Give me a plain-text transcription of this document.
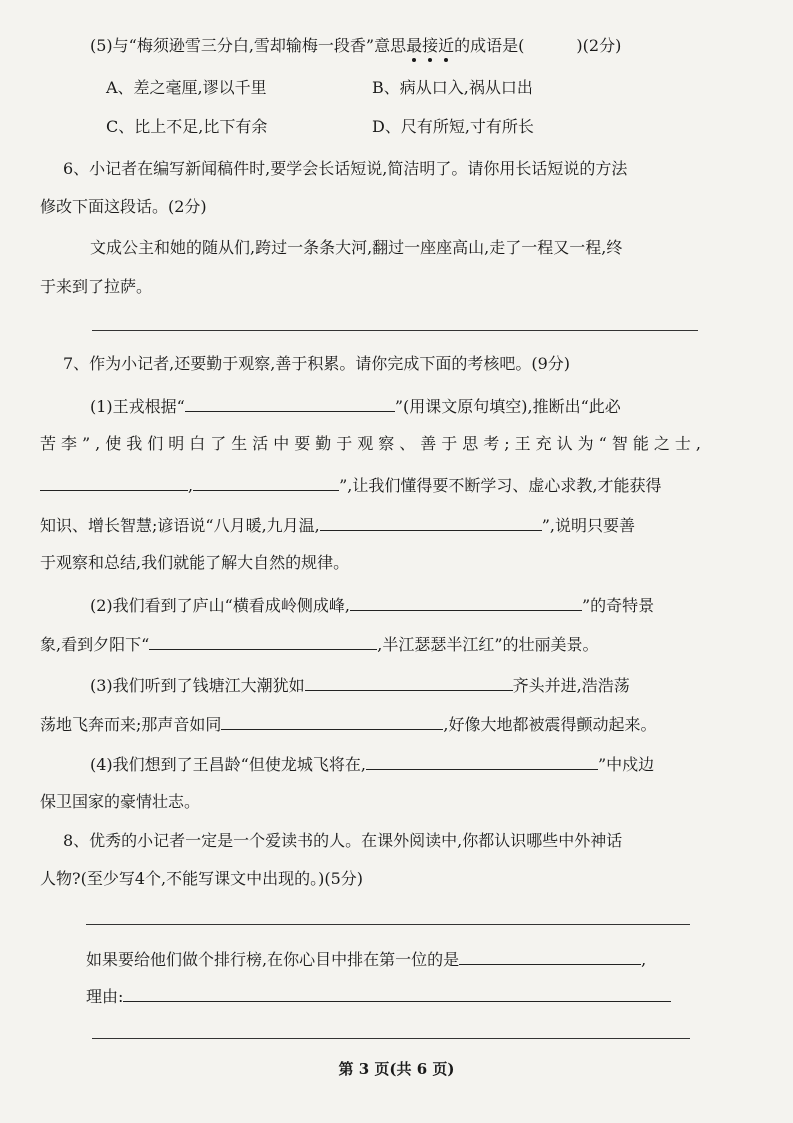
(5)与“梅须逊雪三分白,雪却输梅一段香”意思最接近的成语是(	)(2分)
A、差之毫厘,谬以千里	B、病从口入,祸从口出
C、比上不足,比下有余	D、尺有所短,寸有所长
6、小记者在编写新闻稿件时,要学会长话短说,简洁明了。请你用长话短说的方法
修改下面这段话。(2分)
文成公主和她的随从们,跨过一条条大河,翻过一座座高山,走了一程又一程,终
于来到了拉萨。
7、作为小记者,还要勤于观察,善于积累。请你完成下面的考核吧。(9分)
(1)王戎根据“	”(用课文原句填空),推断出“此必
苦李”,使我们明白了生活中要勤于观察、善于思考;王充认为“智能之士,
,	”,让我们懂得要不断学习、虚心求教,才能获得
知识、增长智慧;谚语说“八月暖,九月温,	”,说明只要善
于观察和总结,我们就能了解大自然的规律。
(2)我们看到了庐山“横看成岭侧成峰,	”的奇特景
象,看到夕阳下“	,半江瑟瑟半江红”的壮丽美景。
(3)我们听到了钱塘江大潮犹如	齐头并进,浩浩荡
荡地飞奔而来;那声音如同	,好像大地都被震得颤动起来。
(4)我们想到了王昌龄“但使龙城飞将在,	”中戍边
保卫国家的豪情壮志。
8、优秀的小记者一定是一个爱读书的人。在课外阅读中,你都认识哪些中外神话
人物?(至少写4个,不能写课文中出现的。)(5分)
如果要给他们做个排行榜,在你心目中排在第一位的是	,
理由:
第 3 页(共 6 页)
